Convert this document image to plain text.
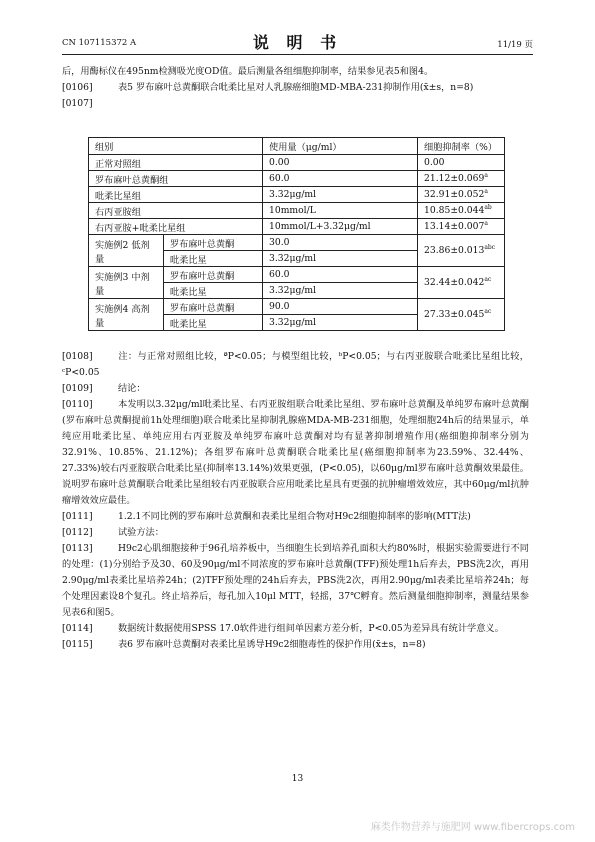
CN 107115372 A	说 明 书	11/19 页

后，用酶标仪在495nm检测吸光度OD值。最后测量各组细胞抑制率，结果参见表5和图4。

[0106]	表5 罗布麻叶总黄酮联合吡柔比星对人乳腺癌细胞MD-MBA-231抑制作用(x̄±s，n=8)

[0107]

组别		使用量（μg/ml）	细胞抑制率（%）
正常对照组		0.00	0.00
罗布麻叶总黄酮组		60.0	21.12±0.069$^a$
吡柔比星组		3.32μg/ml	32.91±0.052$^a$
右丙亚胺组		10mmol/L	10.85±0.044$^{ab}$
右丙亚胺+吡柔比星组		10mmol/L+3.32μg/ml	13.14±0.007$^a$
实施例2 低剂量	罗布麻叶总黄酮	30.0	23.86±0.013$^{abc}$
	吡柔比星	3.32μg/ml	
实施例3 中剂量	罗布麻叶总黄酮	60.0	32.44±0.042$^{ac}$
	吡柔比星	3.32μg/ml	
实施例4 高剂量	罗布麻叶总黄酮	90.0	27.33±0.045$^{ac}$
	吡柔比星	3.32μg/ml	

[0108]	注：与正常对照组比较，ªP<0.05；与模型组比较，ᵇP<0.05；与右丙亚胺联合吡柔比星组比较，ᶜP<0.05

[0109]	结论：

[0110]	本发明以3.32μg/ml吡柔比星、右丙亚胺组联合吡柔比星组、罗布麻叶总黄酮及单纯罗布麻叶总黄酮(罗布麻叶总黄酮提前1h处理细胞)联合吡柔比星抑制乳腺癌MDA-MB-231细胞，处理细胞24h后的结果显示，单纯应用吡柔比星、单纯应用右丙亚胺及单纯罗布麻叶总黄酮对均有显著抑制增殖作用(癌细胞抑制率分别为32.91%、10.85%、21.12%)；各组罗布麻叶总黄酮联合吡柔比星(癌细胞抑制率为23.59%、32.44%、27.33%)较右丙亚胺联合吡柔比星(抑制率13.14%)效果更强，(P<0.05)，以60μg/ml罗布麻叶总黄酮效果最佳。说明罗布麻叶总黄酮联合吡柔比星组较右丙亚胺联合应用吡柔比星具有更强的抗肿瘤增效效应，其中60μg/ml抗肿瘤增效效应最佳。

[0111]	1.2.1不同比例的罗布麻叶总黄酮和表柔比星组合物对H9c2细胞抑制率的影响(MTT法)

[0112]	试验方法：

[0113]	H9c2心肌细胞接种于96孔培养板中，当细胞生长到培养孔面积大约80%时，根据实验需要进行不同的处理：(1)分别给予及30、60及90μg/ml不同浓度的罗布麻叶总黄酮(TFF)预处理1h后弃去，PBS洗2次，再用2.90μg/ml表柔比星培养24h；(2)TFF预处理的24h后弃去，PBS洗2次，再用2.90μg/ml表柔比星培养24h；每个处理因素设8个复孔。终止培养后，每孔加入10μl MTT，轻摇，37℃孵育。然后测量细胞抑制率，测量结果参见表6和图5。

[0114]	数据统计数据使用SPSS 17.0软件进行组间单因素方差分析，P<0.05为差异具有统计学意义。

[0115]	表6 罗布麻叶总黄酮对表柔比星诱导H9c2细胞毒性的保护作用(x̄±s，n=8)

13
麻类作物营养与施肥网 www.fibercrops.com
